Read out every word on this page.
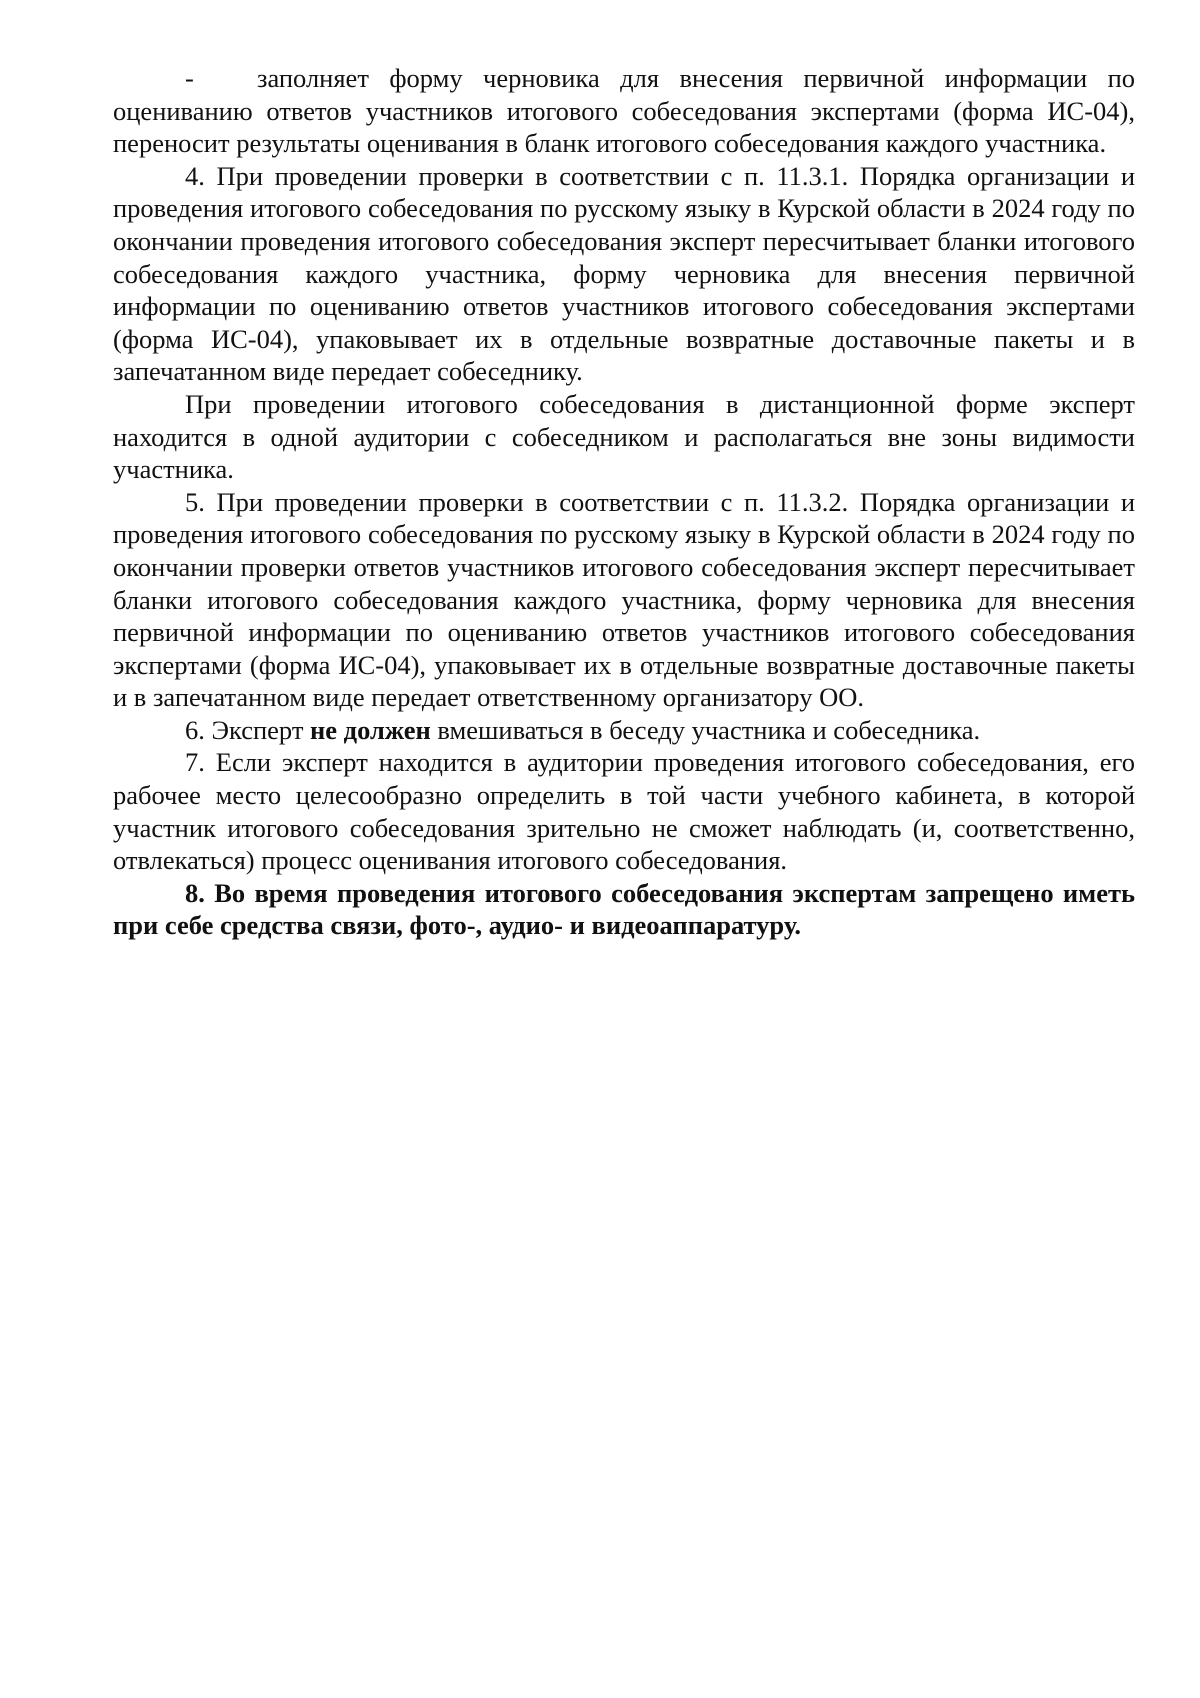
- заполняет форму черновика для внесения первичной информации по оцениванию ответов участников итогового собеседования экспертами (форма ИС-04), переносит результаты оценивания в бланк итогового собеседования каждого участника.

4. При проведении проверки в соответствии с п. 11.3.1. Порядка организации и проведения итогового собеседования по русскому языку в Курской области в 2024 году по окончании проведения итогового собеседования эксперт пересчитывает бланки итогового собеседования каждого участника, форму черновика для внесения первичной информации по оцениванию ответов участников итогового собеседования экспертами (форма ИС-04), упаковывает их в отдельные возвратные доставочные пакеты и в запечатанном виде передает собеседнику.

При проведении итогового собеседования в дистанционной форме эксперт находится в одной аудитории с собеседником и располагаться вне зоны видимости участника.

5. При проведении проверки в соответствии с п. 11.3.2. Порядка организации и проведения итогового собеседования по русскому языку в Курской области в 2024 году по окончании проверки ответов участников итогового собеседования эксперт пересчитывает бланки итогового собеседования каждого участника, форму черновика для внесения первичной информации по оцениванию ответов участников итогового собеседования экспертами (форма ИС-04), упаковывает их в отдельные возвратные доставочные пакеты и в запечатанном виде передает ответственному организатору ОО.

6. Эксперт не должен вмешиваться в беседу участника и собеседника.

7. Если эксперт находится в аудитории проведения итогового собеседования, его рабочее место целесообразно определить в той части учебного кабинета, в которой участник итогового собеседования зрительно не сможет наблюдать (и, соответственно, отвлекаться) процесс оценивания итогового собеседования.

8. Во время проведения итогового собеседования экспертам запрещено иметь при себе средства связи, фото-, аудио- и видеоаппаратуру.
